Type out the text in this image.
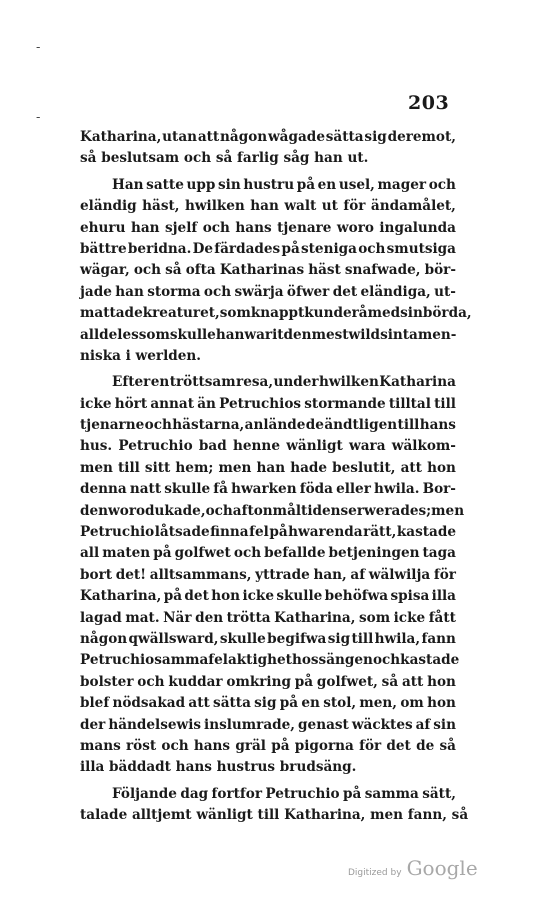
-
-
203
Katharina, utan att någon wågade sätta sig deremot,
så beslutsam och så farlig såg han ut.
Han satte upp sin hustru på en usel, mager och
eländig häst, hwilken han walt ut för ändamålet,
ehuru han sjelf och hans tjenare woro ingalunda
bättre beridna. De färdades på steniga och smutsiga
wägar, och så ofta Katharinas häst snafwade, bör-
jade han storma och swärja öfwer det eländiga, ut-
mattade kreaturet, som knappt kunde rå med sin börda,
alldeles som skulle han warit den mest wildsinta men-
niska i werlden.
Efter en tröttsam resa, under hwilken Katharina
icke hört annat än Petruchios stormande tilltal till
tjenarne och hästarna, anlände de ändtligen till hans
hus. Petruchio bad henne wänligt wara wälkom-
men till sitt hem; men han hade beslutit, att hon
denna natt skulle få hwarken föda eller hwila. Bor-
den woro dukade, och aftonmåltiden serwerades; men
Petruchio låtsade finna fel på hwarenda rätt, kastade
all maten på golfwet och befallde betjeningen taga
bort det! alltsammans, yttrade han, af wälwilja för
Katharina, på det hon icke skulle behöfwa spisa illa
lagad mat. När den trötta Katharina, som icke fått
någon qwällsward, skulle begifwa sig till hwila, fann
Petruchio samma felaktighet hos sängen och kastade
bolster och kuddar omkring på golfwet, så att hon
blef nödsakad att sätta sig på en stol, men, om hon
der händelsewis inslumrade, genast wäcktes af sin
mans röst och hans gräl på pigorna för det de så
illa bäddadt hans hustrus brudsäng.
Följande dag fortfor Petruchio på samma sätt,
talade alltjemt wänligt till Katharina, men fann, så
Digitized by Google
